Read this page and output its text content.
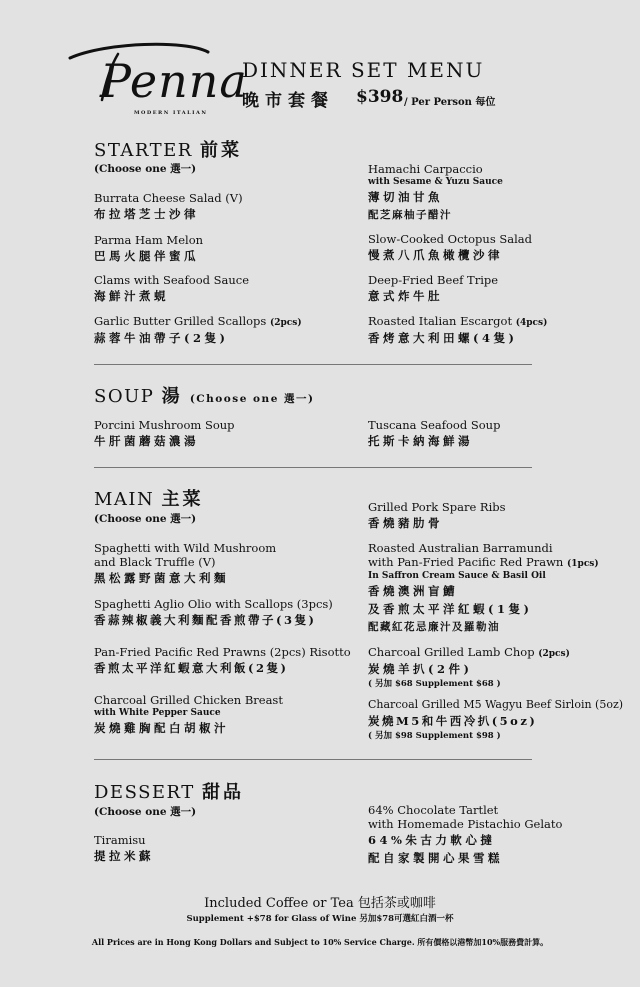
Penna
MODERN ITALIAN
DINNER SET MENU
晚市套餐 $398 / Per Person 每位
STARTER 前菜
(Choose one 選一)
Burrata Cheese Salad (V)
布拉塔芝士沙律
Parma Ham Melon
巴馬火腿伴蜜瓜
Clams with Seafood Sauce
海鮮汁煮蜆
Garlic Butter Grilled Scallops (2pcs)
蒜蓉牛油帶子(2隻)
Hamachi Carpaccio
with Sesame & Yuzu Sauce
薄切油甘魚
配芝麻柚子醋汁
Slow-Cooked Octopus Salad
慢煮八爪魚橄欖沙律
Deep-Fried Beef Tripe
意式炸牛肚
Roasted Italian Escargot (4pcs)
香烤意大利田螺(4隻)
SOUP 湯 (Choose one 選一)
Porcini Mushroom Soup
牛肝菌蘑菇濃湯
Tuscana Seafood Soup
托斯卡納海鮮湯
MAIN 主菜
(Choose one 選一)
Spaghetti with Wild Mushroom
and Black Truffle (V)
黑松露野菌意大利麵
Spaghetti Aglio Olio with Scallops (3pcs)
香蒜辣椒義大利麵配香煎帶子(3隻)
Pan-Fried Pacific Red Prawns (2pcs) Risotto
香煎太平洋紅蝦意大利飯(2隻)
Charcoal Grilled Chicken Breast
with White Pepper Sauce
炭燒雞胸配白胡椒汁
Grilled Pork Spare Ribs
香燒豬肋骨
Roasted Australian Barramundi
with Pan-Fried Pacific Red Prawn (1pcs)
In Saffron Cream Sauce & Basil Oil
香燒澳洲盲鰽
及香煎太平洋紅蝦(1隻)
配藏紅花忌廉汁及羅勒油
Charcoal Grilled Lamb Chop (2pcs)
炭燒羊扒(2件)
( 另加 $68 Supplement $68 )
Charcoal Grilled M5 Wagyu Beef Sirloin (5oz)
炭燒M5和牛西冷扒(5oz)
( 另加 $98 Supplement $98 )
DESSERT 甜品
(Choose one 選一)
Tiramisu
提拉米蘇
64% Chocolate Tartlet
with Homemade Pistachio Gelato
64%朱古力軟心撻
配自家製開心果雪糕
Included Coffee or Tea 包括茶或咖啡
Supplement +$78 for Glass of Wine 另加$78可選紅白酒一杯
All Prices are in Hong Kong Dollars and Subject to 10% Service Charge. 所有價格以港幣加10%服務費計算。
